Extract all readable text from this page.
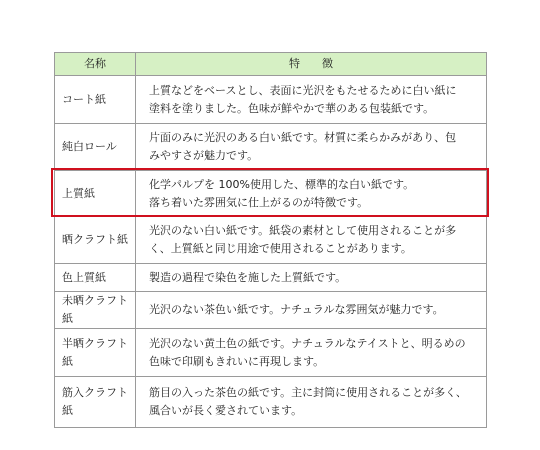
名称	特　　徴
コート紙	上質などをベースとし、表面に光沢をもたせるために白い紙に
塗料を塗りました。色味が鮮やかで華のある包装紙です。

純白ロール	片面のみに光沢のある白い紙です。材質に柔らかみがあり、包
みやすさが魅力です。

上質紙	化学パルプを 100%使用した、標準的な白い紙です。
落ち着いた雰囲気に仕上がるのが特徴です。

晒クラフト紙	光沢のない白い紙です。紙袋の素材として使用されることが多
く、上質紙と同じ用途で使用されることがあります。

色上質紙	製造の過程で染色を施した上質紙です。

未晒クラフト紙	光沢のない茶色い紙です。ナチュラルな雰囲気が魅力です。

半晒クラフト紙	光沢のない黄土色の紙です。ナチュラルなテイストと、明るめの
色味で印刷もきれいに再現します。

筋入クラフト紙	筋目の入った茶色の紙です。主に封筒に使用されることが多く、
風合いが長く愛されています。
